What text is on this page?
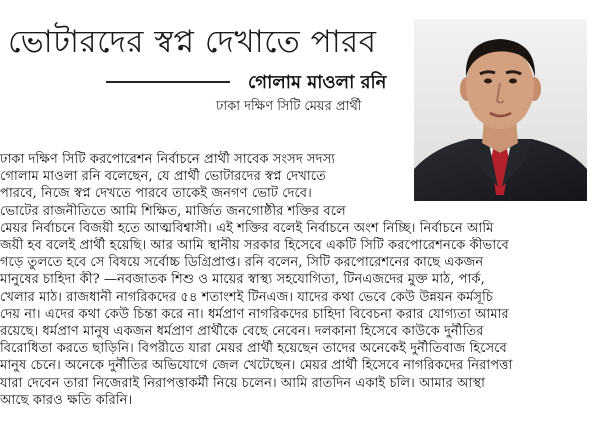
ভোটারদের স্বপ্ন দেখাতে পারব
গোলাম মাওলা রনি
ঢাকা দক্ষিণ সিটি মেয়র প্রার্থী
ঢাকা দক্ষিণ সিটি করপোরেশন নির্বাচনে প্রার্থী সাবেক সংসদ সদস্য
গোলাম মাওলা রনি বলেছেন, যে প্রার্থী ভোটারদের স্বপ্ন দেখাতে
পারবে, নিজে স্বপ্ন দেখতে পারবে তাকেই জনগণ ভোট দেবে।
ভোটের রাজনীতিতে আমি শিক্ষিত, মার্জিত জনগোষ্ঠীর শক্তির বলে
মেয়র নির্বাচনে বিজয়ী হতে আত্মবিশ্বাসী। এই শক্তির বলেই নির্বাচনে অংশ নিচ্ছি। নির্বাচনে আমি
জয়ী হব বলেই প্রার্থী হয়েছি। আর আমি স্থানীয় সরকার হিসেবে একটি সিটি করপোরেশনকে কীভাবে
গড়ে তুলতে হবে সে বিষয়ে সর্বোচ্চ ডিগ্রিপ্রাপ্ত। রনি বলেন, সিটি করপোরেশনের কাছে একজন
মানুষের চাহিদা কী? —নবজাতক শিশু ও মায়ের স্বাস্থ্য সহযোগিতা, টিনএজদের মুক্ত মাঠ, পার্ক,
খেলার মাঠ। রাজধানী নাগরিকদের ৫৪ শতাংশই টিনএজ। যাদের কথা ভেবে কেউ উন্নয়ন কর্মসূচি
দেয় না। এদের কথা কেউ চিন্তা করে না। ধর্মপ্রাণ নাগরিকদের চাহিদা বিবেচনা করার যোগ্যতা আমার
রয়েছে। ধর্মপ্রাণ মানুষ একজন ধর্মপ্রাণ প্রার্থীকে বেছে নেবেন। দলকানা হিসেবে কাউকে দুর্নীতির
বিরোধিতা করতে ছাড়িনি। বিপরীতে যারা মেয়র প্রার্থী হয়েছেন তাদের অনেকেই দুর্নীতিবাজ হিসেবে
মানুষ চেনে। অনেকে দুর্নীতির অভিযোগে জেল খেটেছেন। মেয়র প্রার্থী হিসেবে নাগরিকদের নিরাপত্তা
যারা দেবেন তারা নিজেরাই নিরাপত্তাকর্মী নিয়ে চলেন। আমি রাতদিন একাই চলি। আমার আস্থা
আছে কারও ক্ষতি করিনি।
